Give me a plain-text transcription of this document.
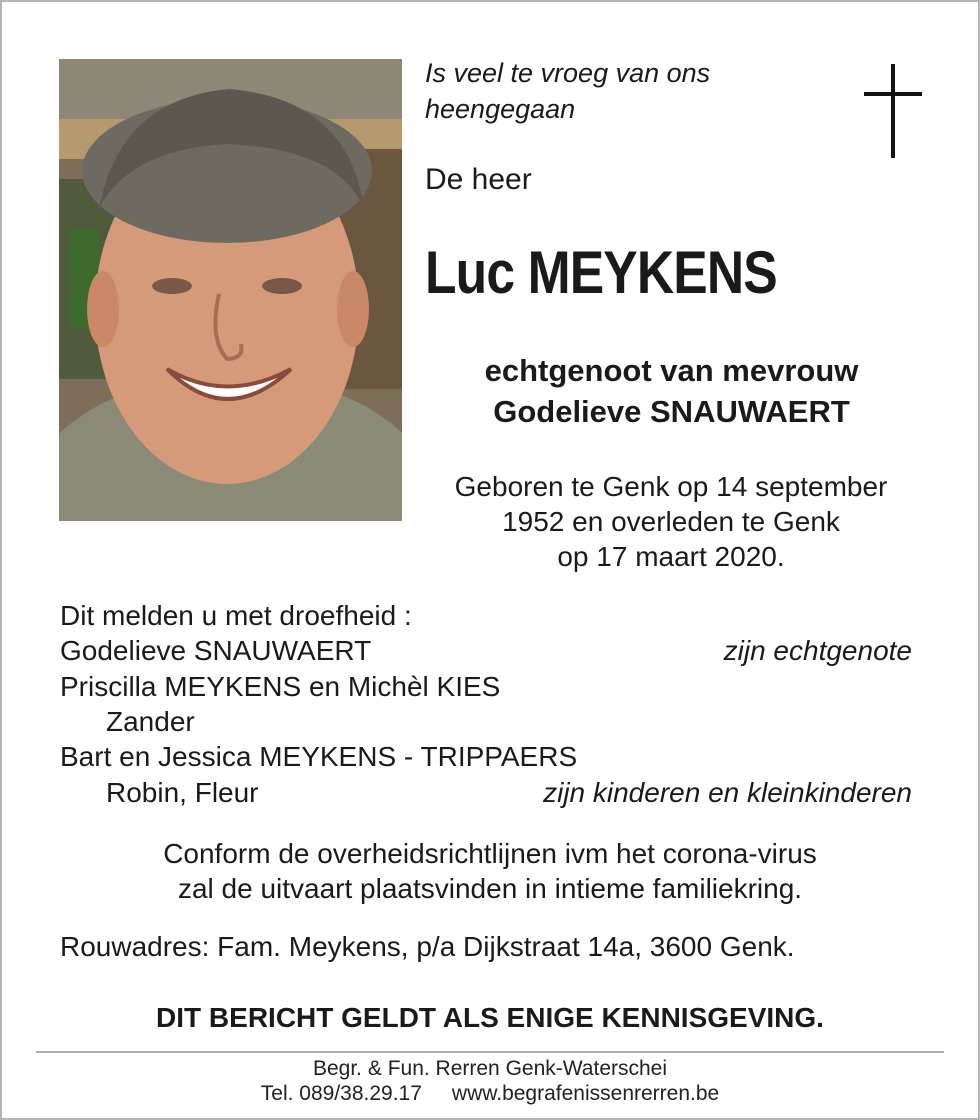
Is veel te vroeg van ons
heengegaan
De heer
Luc MEYKENS
echtgenoot van mevrouw
Godelieve SNAUWAERT
Geboren te Genk op 14 september
1952 en overleden te Genk
op 17 maart 2020.
Dit melden u met droefheid :
Godelieve SNAUWAERT	zijn echtgenote
Priscilla MEYKENS en Michèl KIES
Zander
Bart en Jessica MEYKENS - TRIPPAERS
Robin, Fleur	zijn kinderen en kleinkinderen
Conform de overheidsrichtlijnen ivm het corona-virus
zal de uitvaart plaatsvinden in intieme familiekring.
Rouwadres: Fam. Meykens, p/a Dijkstraat 14a, 3600 Genk.
DIT BERICHT GELDT ALS ENIGE KENNISGEVING.
Begr. & Fun. Rerren Genk-Waterschei
Tel. 089/38.29.17 www.begrafenissenrerren.be
